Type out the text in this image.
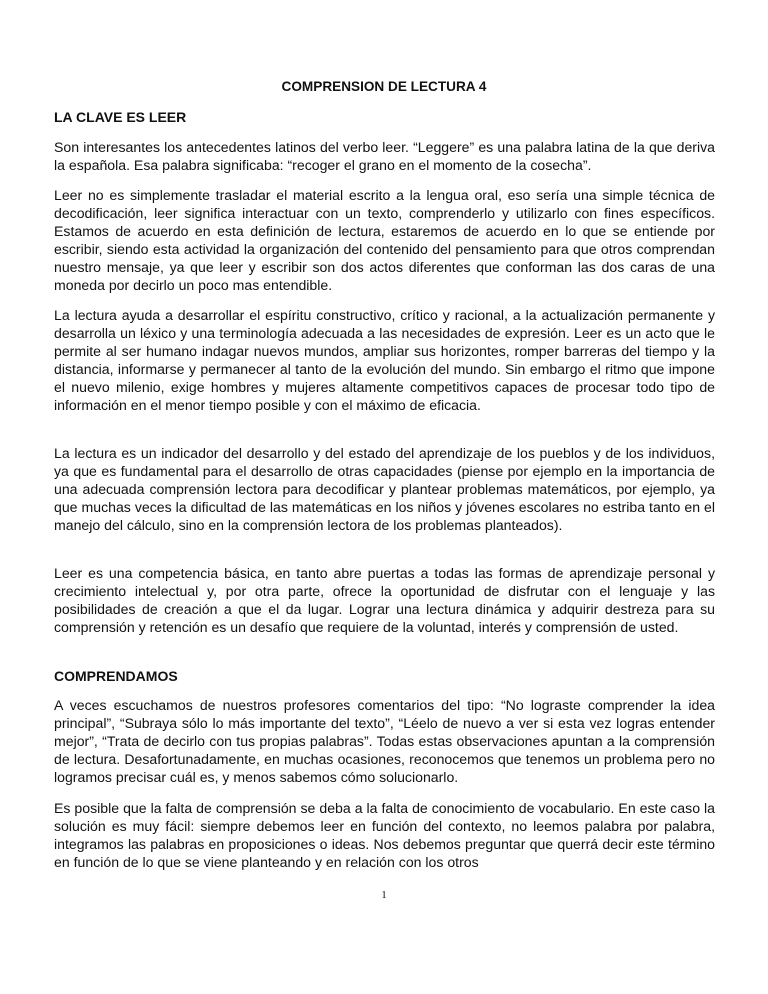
COMPRENSION DE LECTURA 4
LA CLAVE ES LEER

Son interesantes los antecedentes latinos del verbo leer. “Leggere” es una palabra latina de la que deriva la española. Esa palabra significaba: “recoger el grano en el momento de la cosecha”.

Leer no es simplemente trasladar el material escrito a la lengua oral, eso sería una simple técnica de decodificación, leer significa interactuar con un texto, comprenderlo y utilizarlo con fines específicos. Estamos de acuerdo en esta definición de lectura, estaremos de acuerdo en lo que se entiende por escribir, siendo esta actividad la organización del contenido del pensamiento para que otros comprendan nuestro mensaje, ya que leer y escribir son dos actos diferentes que conforman las dos caras de una moneda por decirlo un poco mas entendible.

La lectura ayuda a desarrollar el espíritu constructivo, crítico y racional, a la actualización permanente y desarrolla un léxico y una terminología adecuada a las necesidades de expresión. Leer es un acto que le permite al ser humano indagar nuevos mundos, ampliar sus horizontes, romper barreras del tiempo y la distancia, informarse y permanecer al tanto de la evolución del mundo. Sin embargo el ritmo que impone el nuevo milenio, exige hombres y mujeres altamente competitivos capaces de procesar todo tipo de información en el menor tiempo posible y con el máximo de eficacia.

La lectura es un indicador del desarrollo y del estado del aprendizaje de los pueblos y de los individuos, ya que es fundamental para el desarrollo de otras capacidades (piense por ejemplo en la importancia de una adecuada comprensión lectora para decodificar y plantear problemas matemáticos, por ejemplo, ya que muchas veces la dificultad de las matemáticas en los niños y jóvenes escolares no estriba tanto en el manejo del cálculo, sino en la comprensión lectora de los problemas planteados).

Leer es una competencia básica, en tanto abre puertas a todas las formas de aprendizaje personal y crecimiento intelectual y, por otra parte, ofrece la oportunidad de disfrutar con el lenguaje y las posibilidades de creación a que el da lugar. Lograr una lectura dinámica y adquirir destreza para su comprensión y retención es un desafío que requiere de la voluntad, interés y comprensión de usted.

COMPRENDAMOS

A veces escuchamos de nuestros profesores comentarios del tipo: “No lograste comprender la idea principal”, “Subraya sólo lo más importante del texto”, “Léelo de nuevo a ver si esta vez logras entender mejor”, “Trata de decirlo con tus propias palabras”. Todas estas observaciones apuntan a la comprensión de lectura. Desafortunadamente, en muchas ocasiones, reconocemos que tenemos un problema pero no logramos precisar cuál es, y menos sabemos cómo solucionarlo.

Es posible que la falta de comprensión se deba a la falta de conocimiento de vocabulario. En este caso la solución es muy fácil: siempre debemos leer en función del contexto, no leemos palabra por palabra, integramos las palabras en proposiciones o ideas. Nos debemos preguntar que querrá decir este término en función de lo que se viene planteando y en relación con los otros

1
